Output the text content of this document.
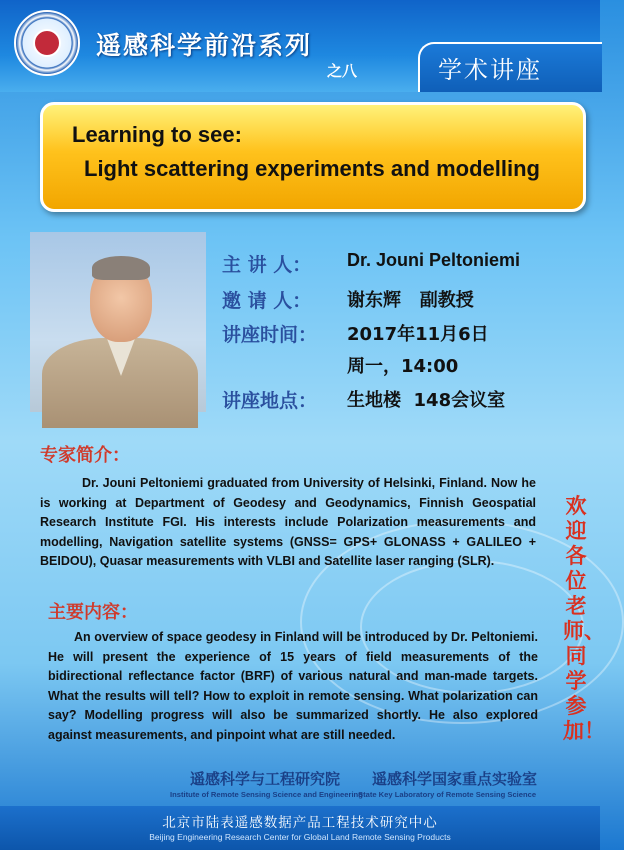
遥感科学前沿系列
之八	学术讲座
Learning to see:
Light scattering experiments and modelling
主 讲 人： Dr. Jouni Peltoniemi
邀 请 人： 谢东辉   副教授
讲座时间： 2017年11月6日
周一，14:00
讲座地点： 生地楼  148会议室
专家简介：
Dr. Jouni Peltoniemi graduated from University of Helsinki, Finland. Now he is working at Department of Geodesy and Geodynamics, Finnish Geospatial Research Institute FGI. His interests include Polarization measurements and modelling, Navigation satellite systems (GNSS= GPS+ GLONASS + GALILEO + BEIDOU), Quasar measurements with VLBI and Satellite laser ranging (SLR).
主要内容：
An overview of space geodesy in Finland will be introduced by Dr. Peltoniemi. He will present the experience of 15 years of field measurements of the bidirectional reflectance factor (BRF) of various natural and man-made targets. What the results will tell? How to exploit in remote sensing. What polarization can say? Modelling progress will also be summarized shortly. He also explored against measurements, and pinpoint what are still needed.
欢迎各位老师、同学参加！
遥感科学与工程研究院
Institute of Remote Sensing Science and Engineering
遥感科学国家重点实验室
State Key Laboratory of Remote Sensing Science
北京市陆表遥感数据产品工程技术研究中心
Beijing Engineering Research Center for Global Land Remote Sensing Products
